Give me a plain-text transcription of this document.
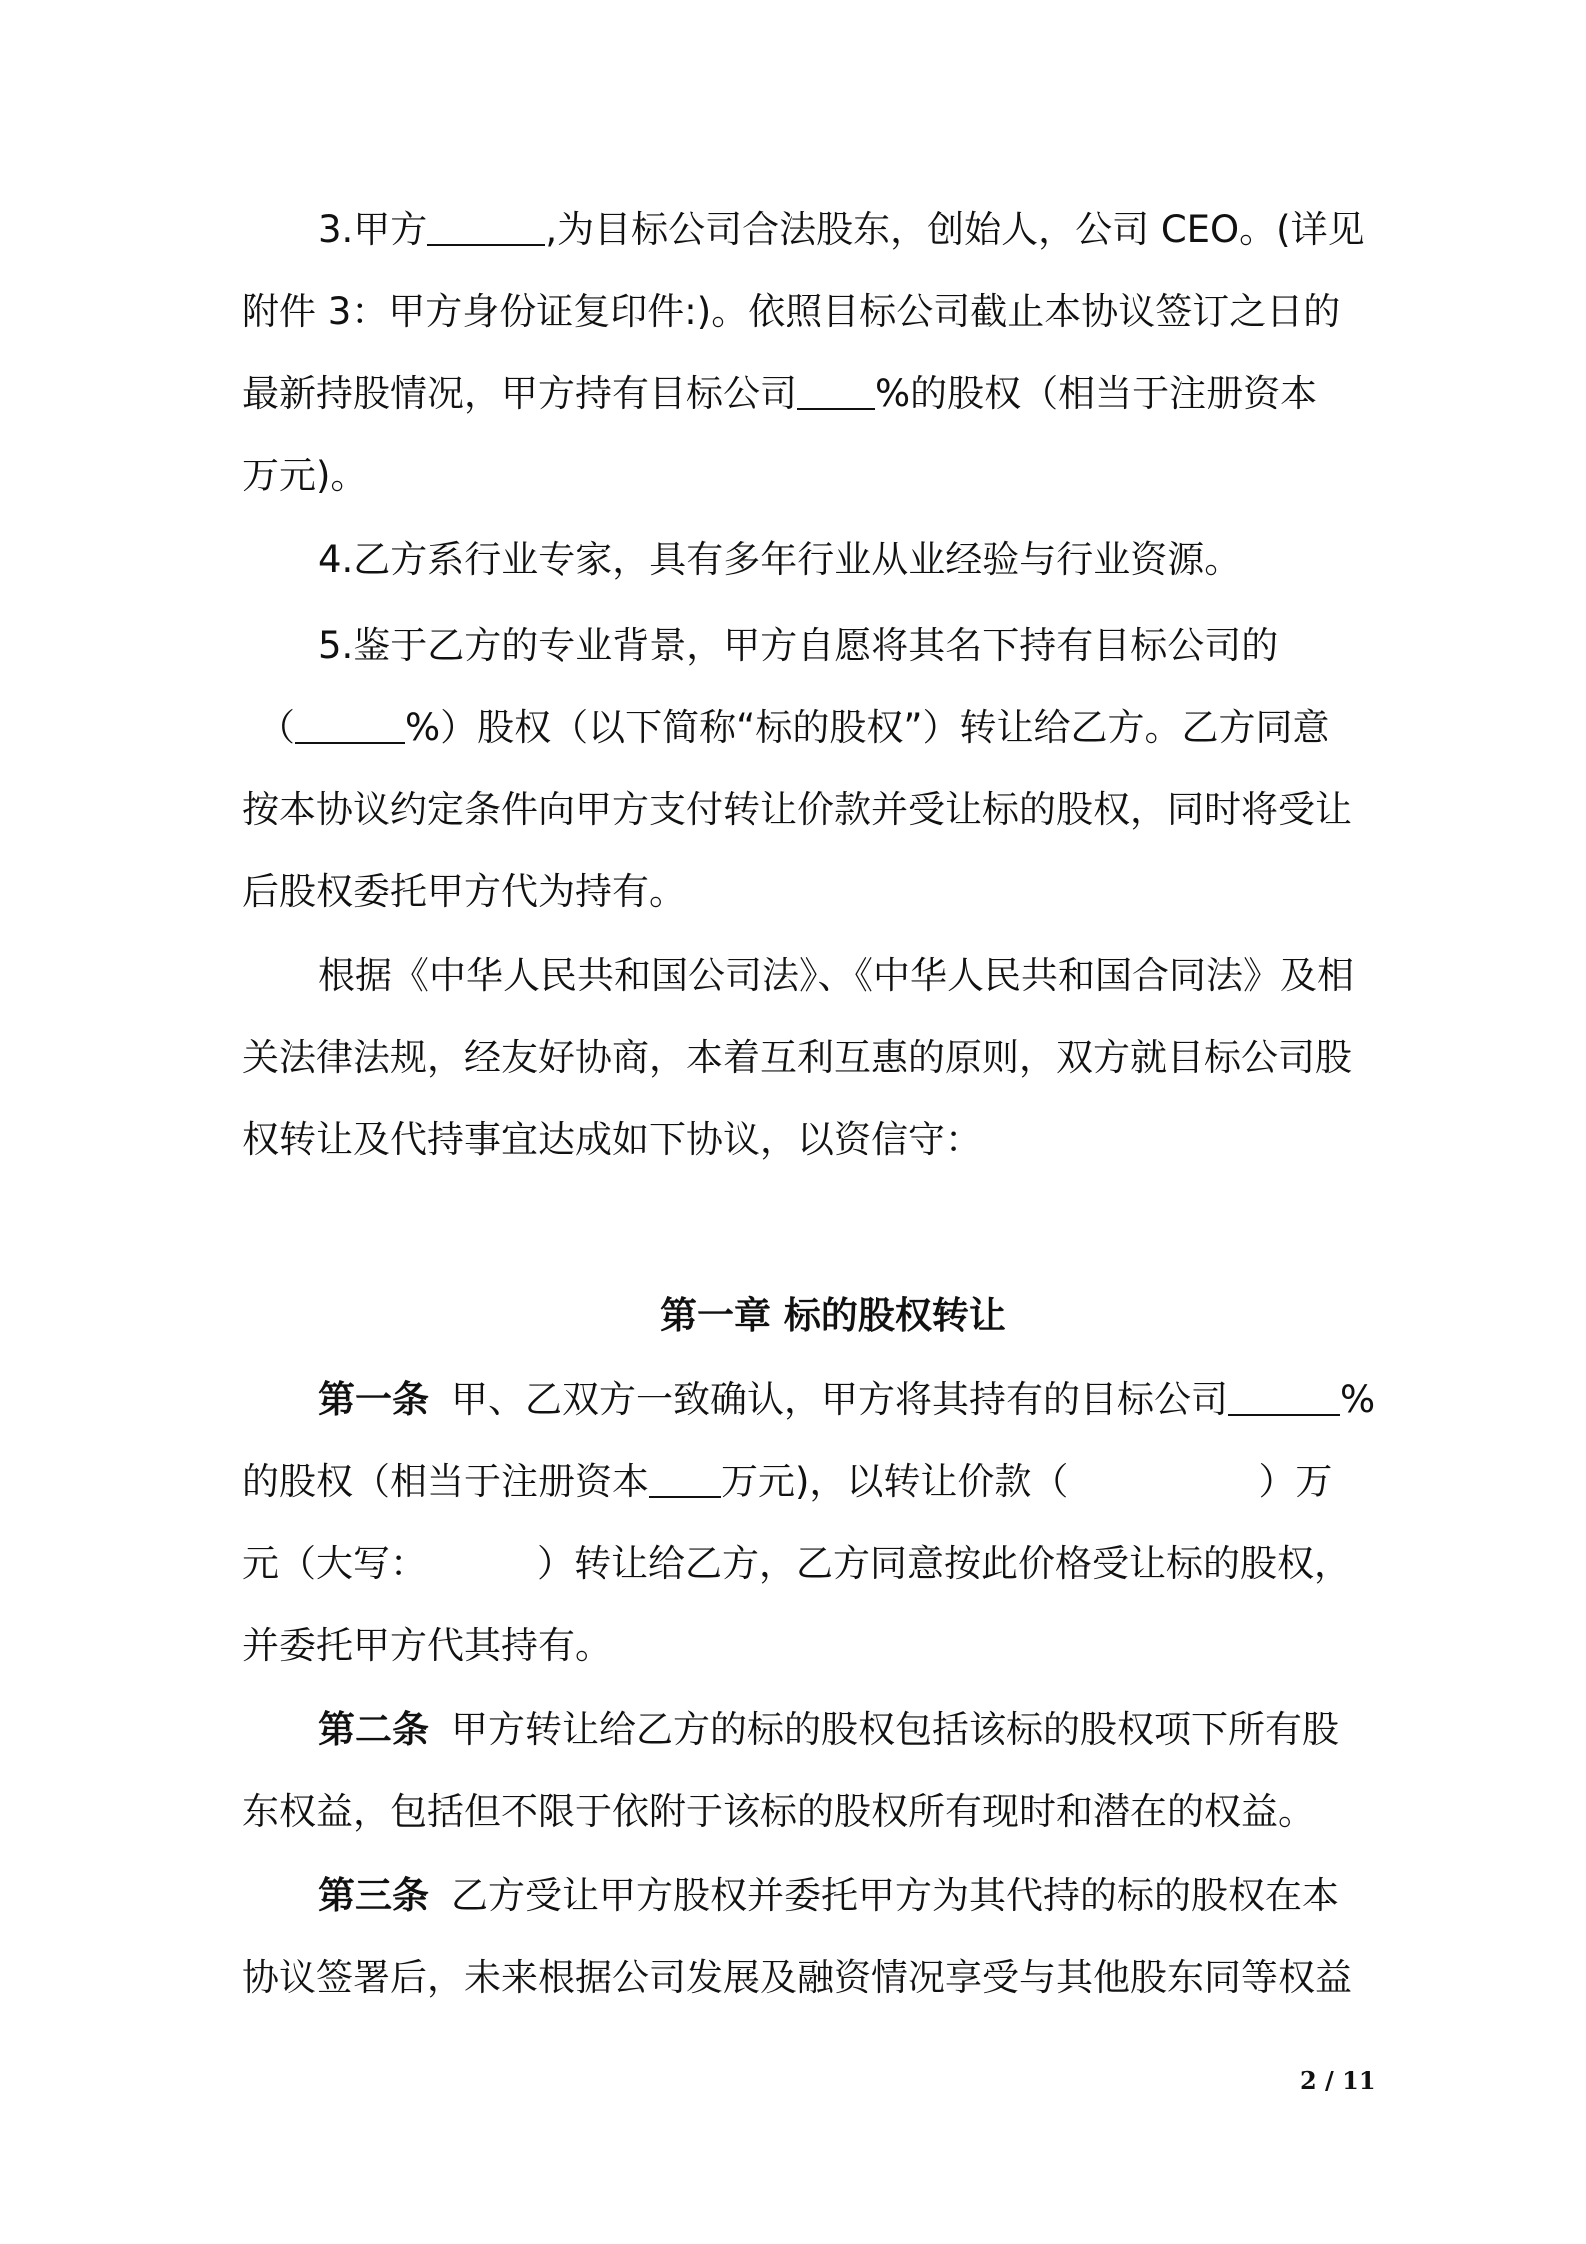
3.甲方	,为目标公司合法股东，创始人，公司 CEO。(详见
附件 3：甲方身份证复印件:)。依照目标公司截止本协议签订之日的
最新持股情况，甲方持有目标公司 %的股权（相当于注册资本
万元)。
4.乙方系行业专家，具有多年行业从业经验与行业资源。
5.鉴于乙方的专业背景，甲方自愿将其名下持有目标公司的
（	%）股权（以下简称“标的股权”）转让给乙方。乙方同意
按本协议约定条件向甲方支付转让价款并受让标的股权，同时将受让
后股权委托甲方代为持有。
根据《中华人民共和国公司法》、《中华人民共和国合同法》及相
关法律法规，经友好协商，本着互利互惠的原则，双方就目标公司股
权转让及代持事宜达成如下协议，以资信守：
第一章 标的股权转让
第一条 甲、乙双方一致确认，甲方将其持有的目标公司	%
的股权（相当于注册资本 万元)，以转让价款（	）万
元（大写：	）转让给乙方，乙方同意按此价格受让标的股权，
并委托甲方代其持有。
第二条 甲方转让给乙方的标的股权包括该标的股权项下所有股
东权益，包括但不限于依附于该标的股权所有现时和潜在的权益。
第三条 乙方受让甲方股权并委托甲方为其代持的标的股权在本
协议签署后，未来根据公司发展及融资情况享受与其他股东同等权益
2 / 11
